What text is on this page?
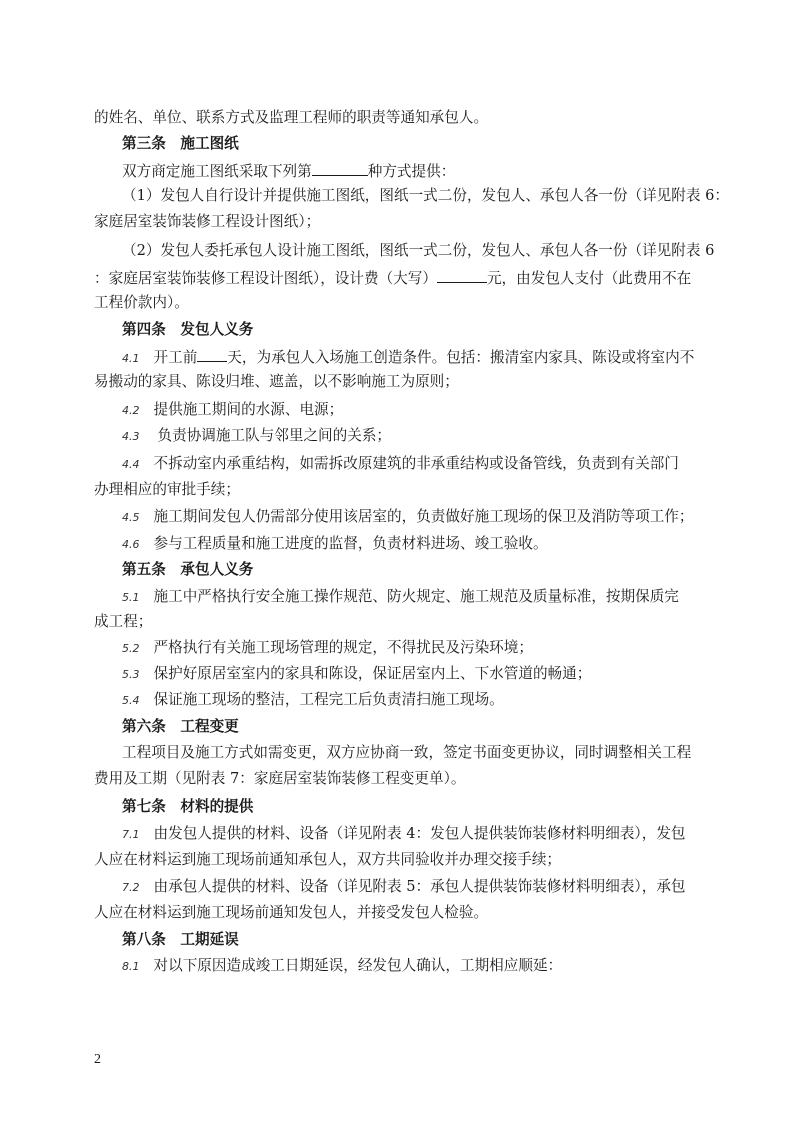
的姓名、单位、联系方式及监理工程师的职责等通知承包人。

第三条　施工图纸

双方商定施工图纸采取下列第	种方式提供：

（1）发包人自行设计并提供施工图纸，图纸一式二份，发包人、承包人各一份（详见附表 6：

家庭居室装饰装修工程设计图纸）；

（2）发包人委托承包人设计施工图纸，图纸一式二份，发包人、承包人各一份（详见附表 6

：家庭居室装饰装修工程设计图纸），设计费（大写）	元，由发包人支付（此费用不在

工程价款内）。

第四条　发包人义务

4.1 开工前 天，为承包人入场施工创造条件。包括：搬清室内家具、陈设或将室内不

易搬动的家具、陈设归堆、遮盖，以不影响施工为原则；

4.2 提供施工期间的水源、电源；

4.3 负责协调施工队与邻里之间的关系；

4.4 不拆动室内承重结构，如需拆改原建筑的非承重结构或设备管线，负责到有关部门

办理相应的审批手续；

4.5 施工期间发包人仍需部分使用该居室的，负责做好施工现场的保卫及消防等项工作；

4.6 参与工程质量和施工进度的监督，负责材料进场、竣工验收。

第五条　承包人义务

5.1 施工中严格执行安全施工操作规范、防火规定、施工规范及质量标准，按期保质完

成工程；

5.2 严格执行有关施工现场管理的规定，不得扰民及污染环境；

5.3 保护好原居室室内的家具和陈设，保证居室内上、下水管道的畅通；

5.4 保证施工现场的整洁，工程完工后负责清扫施工现场。

第六条　工程变更

工程项目及施工方式如需变更，双方应协商一致，签定书面变更协议，同时调整相关工程

费用及工期（见附表 7：家庭居室装饰装修工程变更单）。

第七条　材料的提供

7.1 由发包人提供的材料、设备（详见附表 4：发包人提供装饰装修材料明细表），发包

人应在材料运到施工现场前通知承包人，双方共同验收并办理交接手续；

7.2 由承包人提供的材料、设备（详见附表 5：承包人提供装饰装修材料明细表），承包

人应在材料运到施工现场前通知发包人，并接受发包人检验。

第八条　工期延误

8.1 对以下原因造成竣工日期延误，经发包人确认，工期相应顺延：

2
